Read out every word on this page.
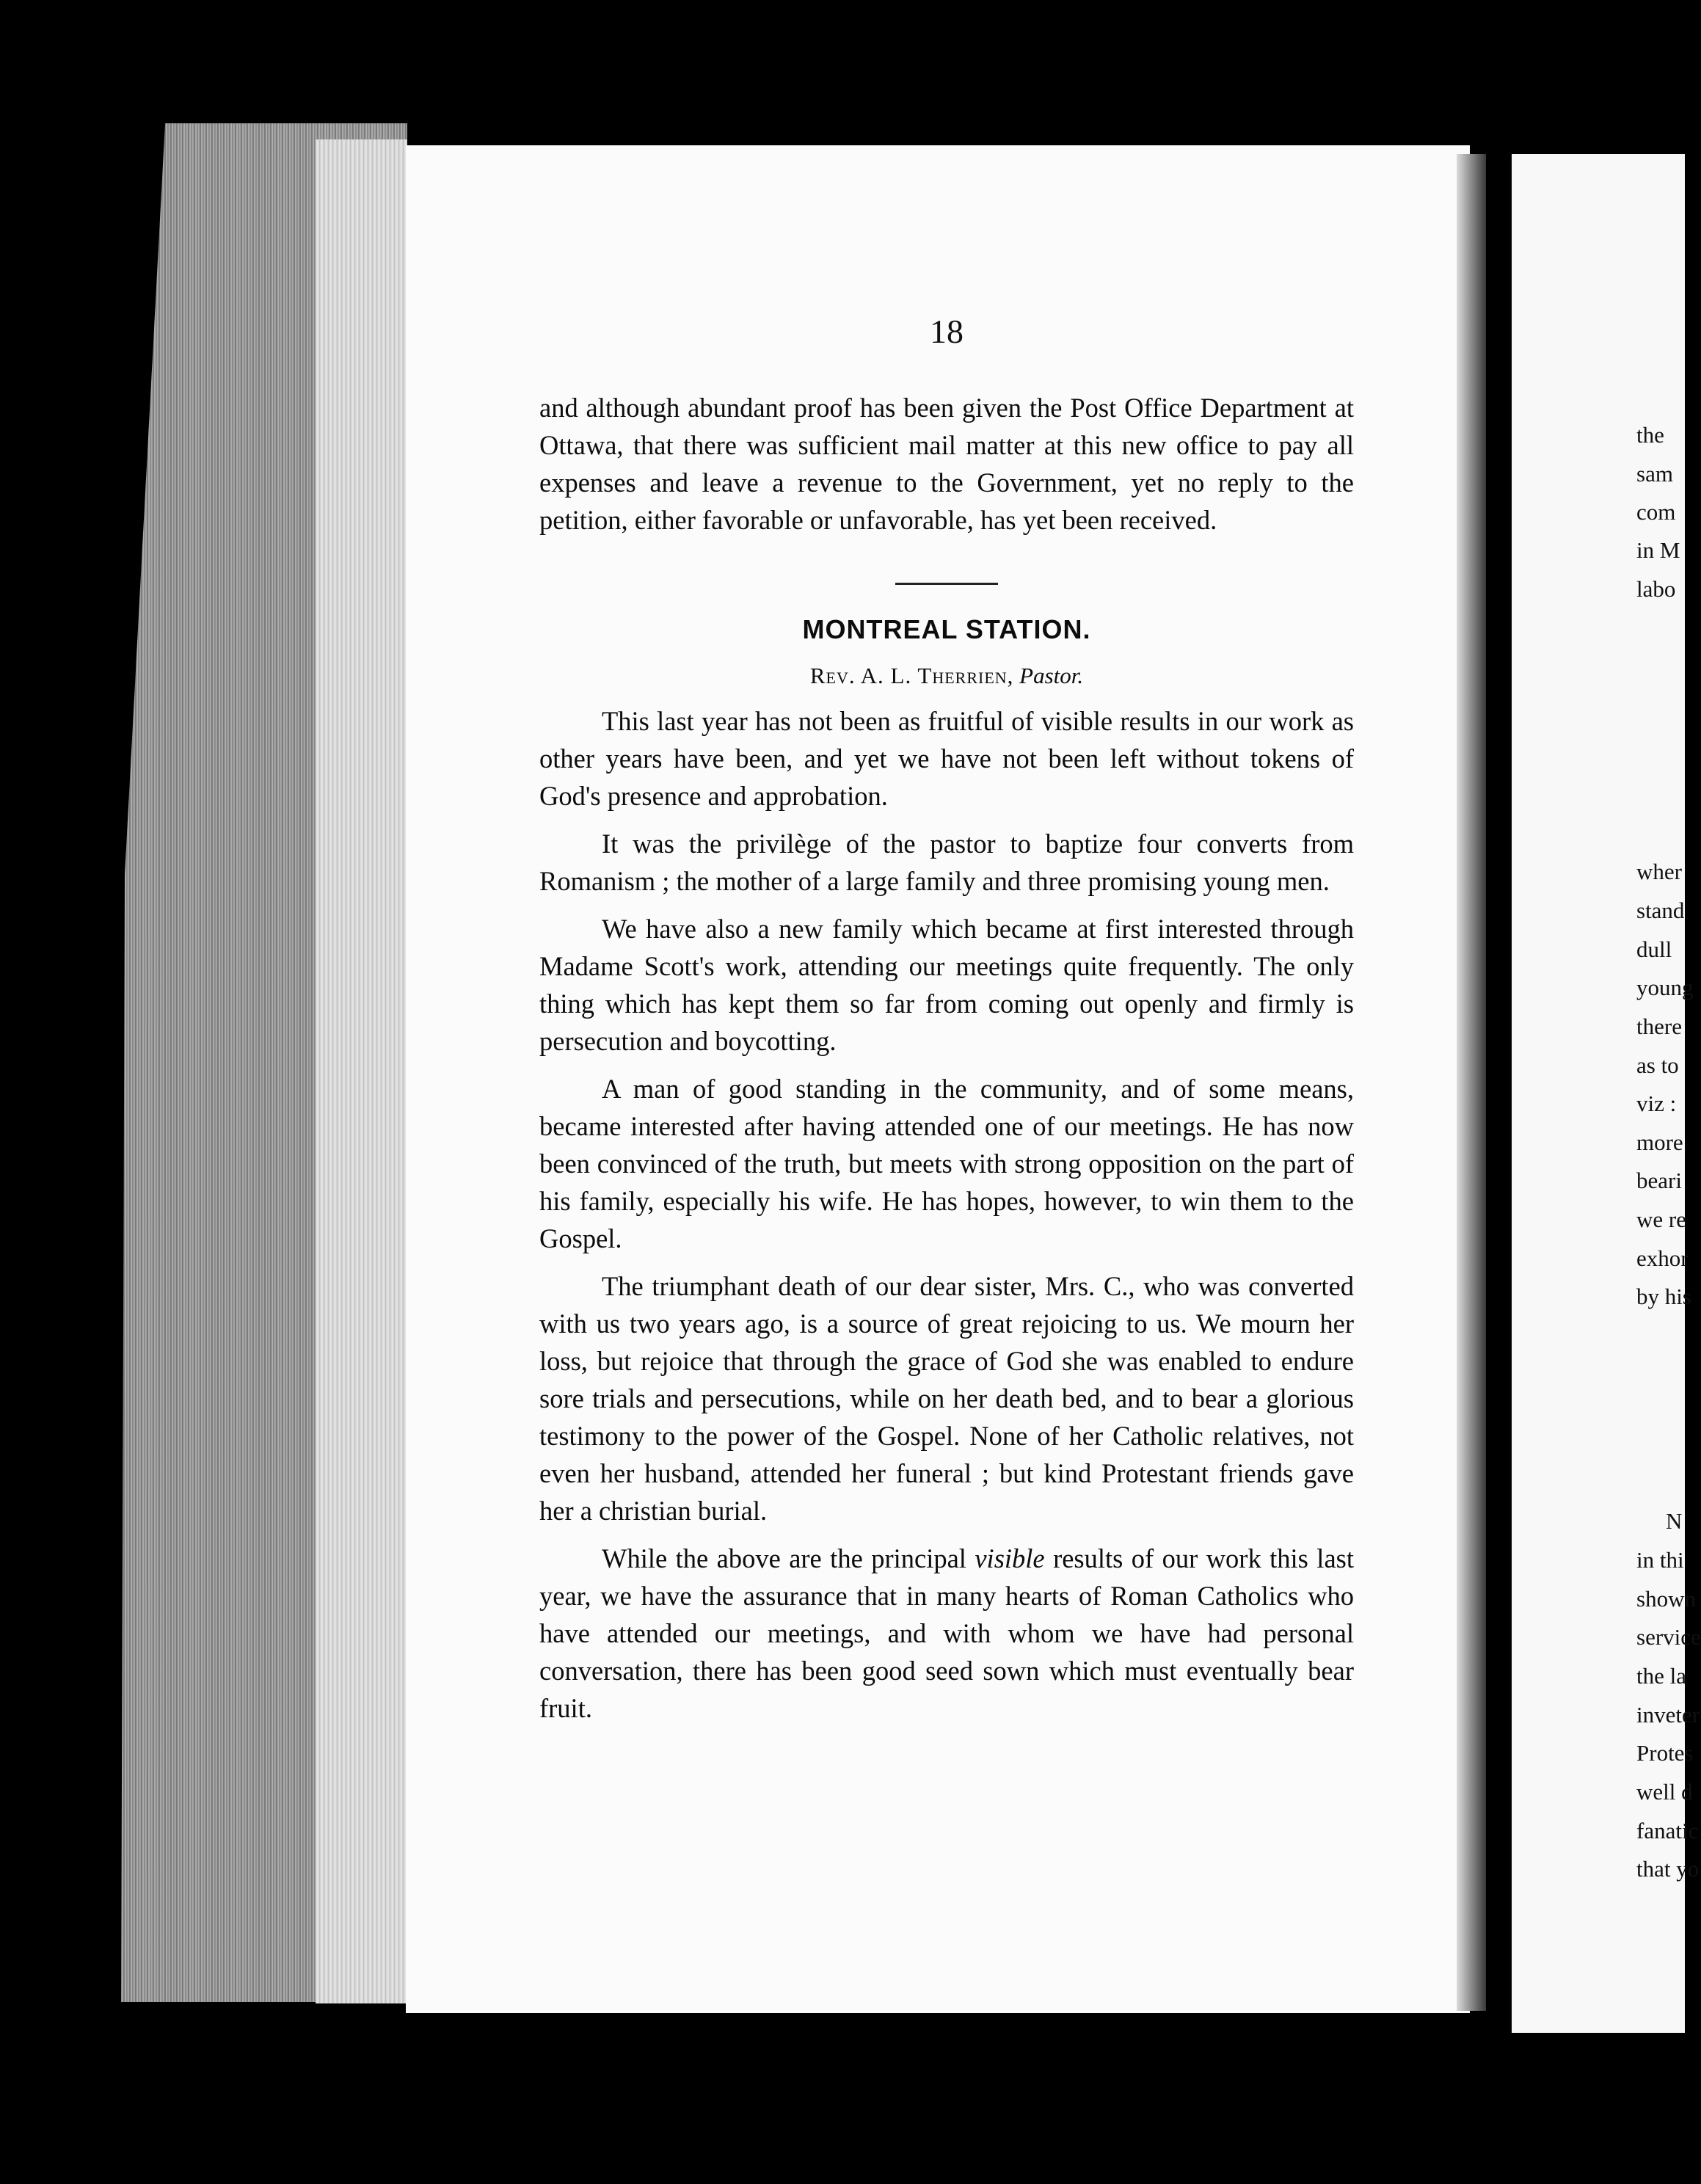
the

sam

com

in M

labo

wher

stand

dull

young

there

as to

viz :

more

beari

we re

exhor

by his

N

in thi

shown

service

the la

inveter

Protes

well d

fanatic

that yo

18

and although abundant proof has been given the Post Office Department at Ottawa, that there was sufficient mail matter at this new office to pay all expenses and leave a revenue to the Government, yet no reply to the petition, either favorable or unfavorable, has yet been received.

MONTREAL STATION.

Rev. A. L. Therrien, Pastor.

This last year has not been as fruitful of visible results in our work as other years have been, and yet we have not been left without tokens of God's presence and approbation.

It was the privilège of the pastor to baptize four converts from Romanism ; the mother of a large family and three promising young men.

We have also a new family which became at first interested through Madame Scott's work, attending our meetings quite frequently. The only thing which has kept them so far from coming out openly and firmly is persecution and boycotting.

A man of good standing in the community, and of some means, became interested after having attended one of our meetings. He has now been convinced of the truth, but meets with strong opposition on the part of his family, especially his wife. He has hopes, however, to win them to the Gospel.

The triumphant death of our dear sister, Mrs. C., who was converted with us two years ago, is a source of great rejoicing to us. We mourn her loss, but rejoice that through the grace of God she was enabled to endure sore trials and persecutions, while on her death bed, and to bear a glorious testimony to the power of the Gospel. None of her Catholic relatives, not even her husband, attended her funeral ; but kind Protestant friends gave her a christian burial.

While the above are the principal visible results of our work this last year, we have the assurance that in many hearts of Roman Catholics who have attended our meetings, and with whom we have had personal conversation, there has been good seed sown which must eventually bear fruit.
